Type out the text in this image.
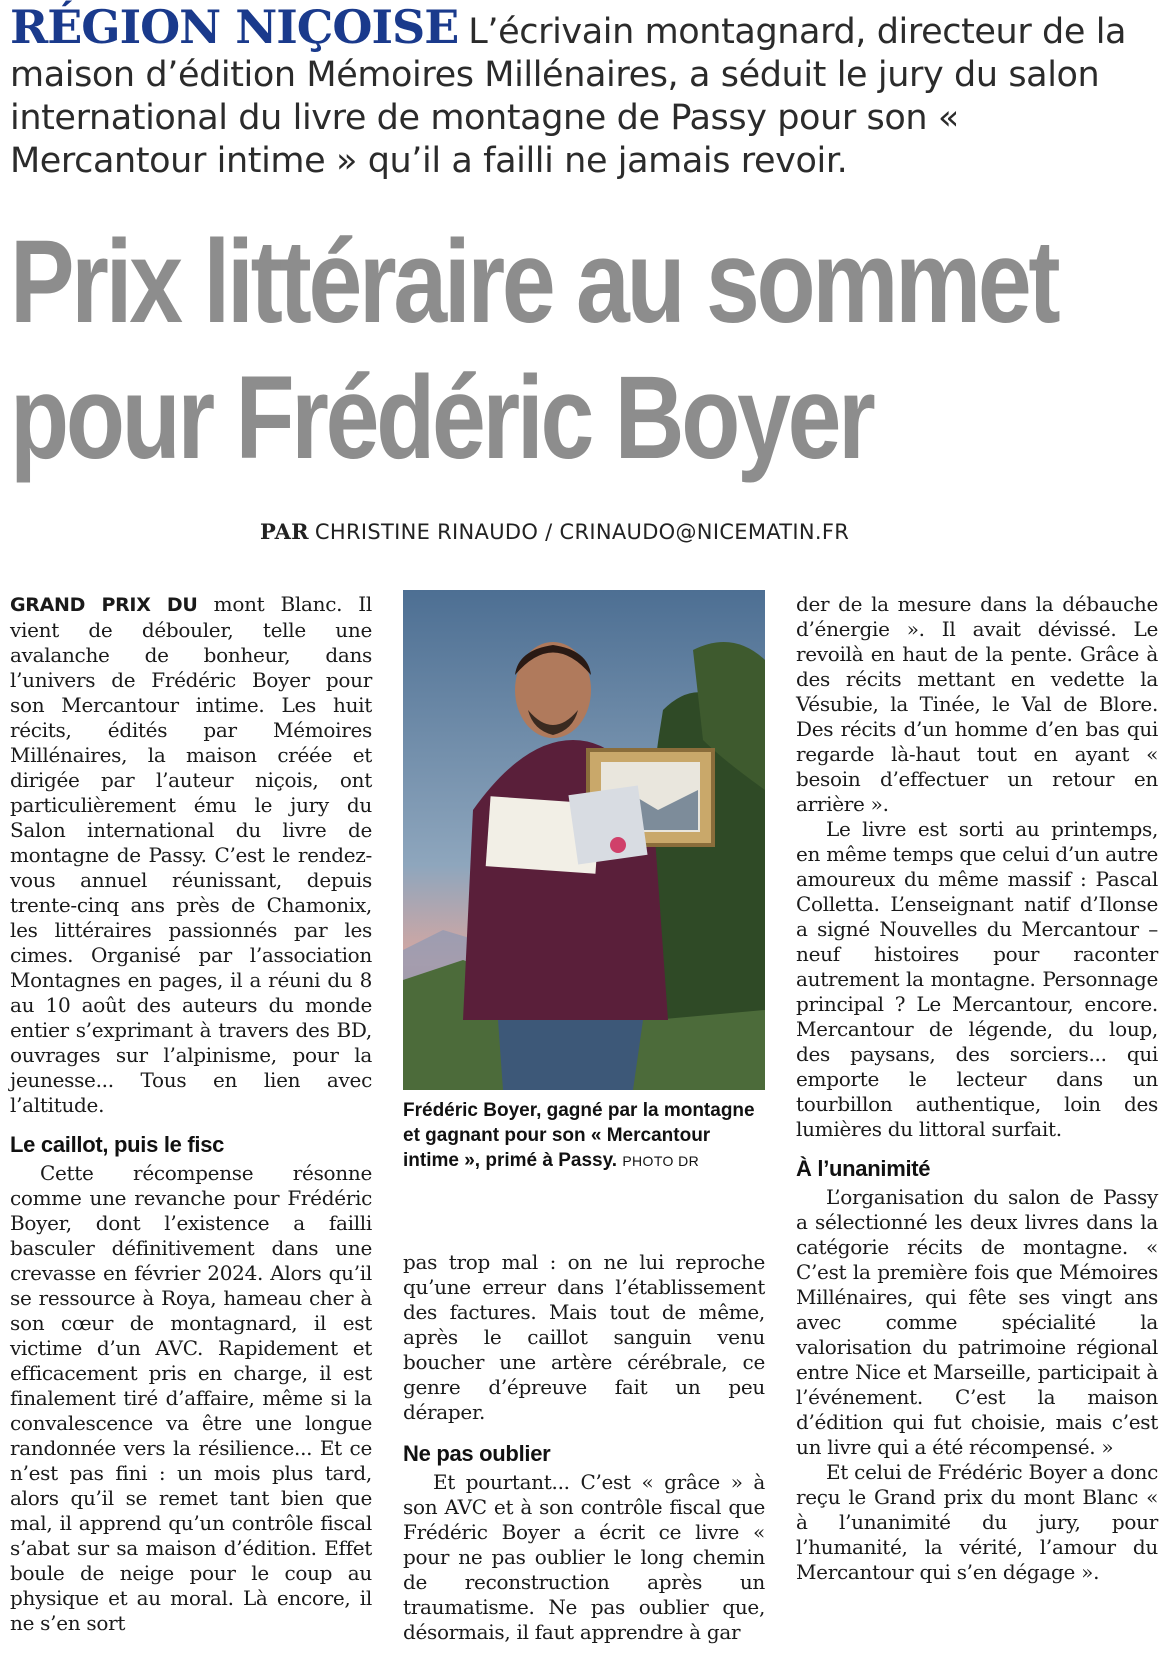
RÉGION NIÇOISE L’écrivain montagnard, directeur de la maison d’édition Mémoires Millénaires, a séduit le jury du salon international du livre de montagne de Passy pour son « Mercantour intime » qu’il a failli ne jamais revoir.
Prix littéraire au sommet
pour Frédéric Boyer
PAR CHRISTINE RINAUDO / CRINAUDO@NICEMATIN.FR

GRAND PRIX DU mont Blanc. Il vient de débouler, telle une avalanche de bonheur, dans l’univers de Frédéric Boyer pour son Mercantour intime. Les huit récits, édités par Mémoires Millénaires, la maison créée et dirigée par l’auteur niçois, ont particulièrement ému le jury du Salon international du livre de montagne de Passy. C’est le rendez-vous annuel réunissant, depuis trente-cinq ans près de Chamonix, les littéraires passionnés par les cimes. Organisé par l’association Montagnes en pages, il a réuni du 8 au 10 août des auteurs du monde entier s’exprimant à travers des BD, ouvrages sur l’alpinisme, pour la jeunesse... Tous en lien avec l’altitude.

Le caillot, puis le fisc

Cette récompense résonne comme une revanche pour Frédéric Boyer, dont l’existence a failli basculer définitivement dans une crevasse en février 2024. Alors qu’il se ressource à Roya, hameau cher à son cœur de montagnard, il est victime d’un AVC. Rapidement et efficacement pris en charge, il est finalement tiré d’affaire, même si la convalescence va être une longue randonnée vers la résilience... Et ce n’est pas fini : un mois plus tard, alors qu’il se remet tant bien que mal, il apprend qu’un contrôle fiscal s’abat sur sa maison d’édition. Effet boule de neige pour le coup au physique et au moral. Là encore, il ne s’en sort

Frédéric Boyer, gagné par la montagne et gagnant pour son « Mercantour intime », primé à Passy. PHOTO DR

pas trop mal : on ne lui reproche qu’une erreur dans l’établissement des factures. Mais tout de même, après le caillot sanguin venu boucher une artère cérébrale, ce genre d’épreuve fait un peu déraper.

Ne pas oublier

Et pourtant... C’est « grâce » à son AVC et à son contrôle fiscal que Frédéric Boyer a écrit ce livre « pour ne pas oublier le long chemin de reconstruction après un traumatisme. Ne pas oublier que, désormais, il faut apprendre à gar

der de la mesure dans la débauche d’énergie ». Il avait dévissé. Le revoilà en haut de la pente. Grâce à des récits mettant en vedette la Vésubie, la Tinée, le Val de Blore. Des récits d’un homme d’en bas qui regarde là-haut tout en ayant « besoin d’effectuer un retour en arrière ».

Le livre est sorti au printemps, en même temps que celui d’un autre amoureux du même massif : Pascal Colletta. L’enseignant natif d’Ilonse a signé Nouvelles du Mercantour – neuf histoires pour raconter autrement la montagne. Personnage principal ? Le Mercantour, encore. Mercantour de légende, du loup, des paysans, des sorciers... qui emporte le lecteur dans un tourbillon authentique, loin des lumières du littoral surfait.

À l’unanimité

L’organisation du salon de Passy a sélectionné les deux livres dans la catégorie récits de montagne. « C’est la première fois que Mémoires Millénaires, qui fête ses vingt ans avec comme spécialité la valorisation du patrimoine régional entre Nice et Marseille, participait à l’événement. C’est la maison d’édition qui fut choisie, mais c’est un livre qui a été récompensé. »

Et celui de Frédéric Boyer a donc reçu le Grand prix du mont Blanc « à l’unanimité du jury, pour l’humanité, la vérité, l’amour du Mercantour qui s’en dégage ».
